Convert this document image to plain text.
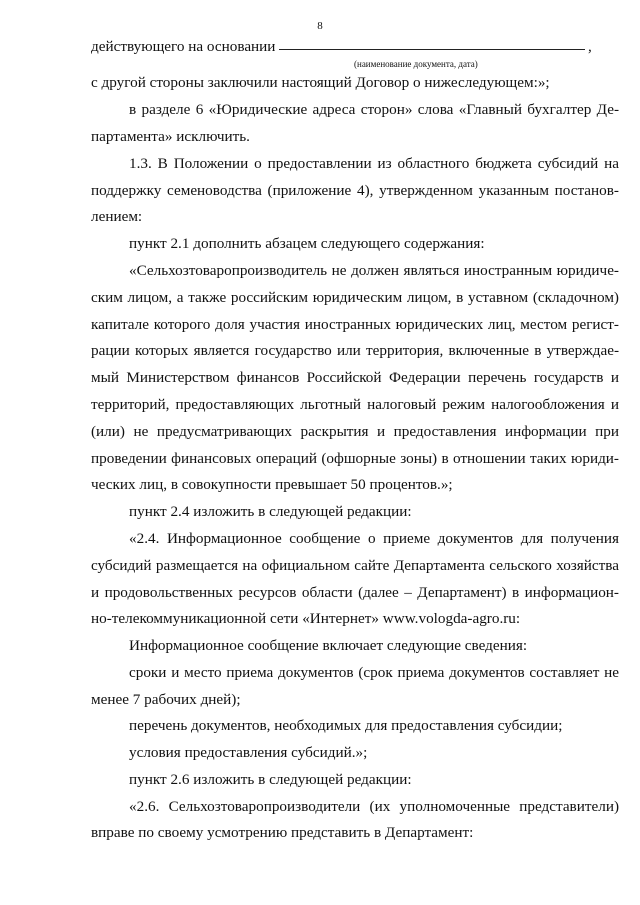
8
действующего на основании	,
(наименование документа, дата)
с другой стороны заключили настоящий Договор о нижеследующем:»;
в разделе 6 «Юридические адреса сторон» слова «Главный бухгалтер Де-
партамента» исключить.
1.3. В Положении о предоставлении из областного бюджета субсидий на
поддержку семеноводства (приложение 4), утвержденном указанным постанов-
лением:
пункт 2.1 дополнить абзацем следующего содержания:
«Сельхозтоваропроизводитель не должен являться иностранным юридиче-
ским лицом, а также российским юридическим лицом, в уставном (складочном)
капитале которого доля участия иностранных юридических лиц, местом регист-
рации которых является государство или территория, включенные в утверждае-
мый Министерством финансов Российской Федерации перечень государств и
территорий, предоставляющих льготный налоговый режим налогообложения и
(или) не предусматривающих раскрытия и предоставления информации при
проведении финансовых операций (офшорные зоны) в отношении таких юриди-
ческих лиц, в совокупности превышает 50 процентов.»;
пункт 2.4 изложить в следующей редакции:
«2.4. Информационное сообщение о приеме документов для получения
субсидий размещается на официальном сайте Департамента сельского хозяйства
и продовольственных ресурсов области (далее – Департамент) в информацион-
но-телекоммуникационной сети «Интернет» www.vologda-agro.ru:
Информационное сообщение включает следующие сведения:
сроки и место приема документов (срок приема документов составляет не
менее 7 рабочих дней);
перечень документов, необходимых для предоставления субсидии;
условия предоставления субсидий.»;
пункт 2.6 изложить в следующей редакции:
«2.6. Сельхозтоваропроизводители (их уполномоченные представители)
вправе по своему усмотрению представить в Департамент:
